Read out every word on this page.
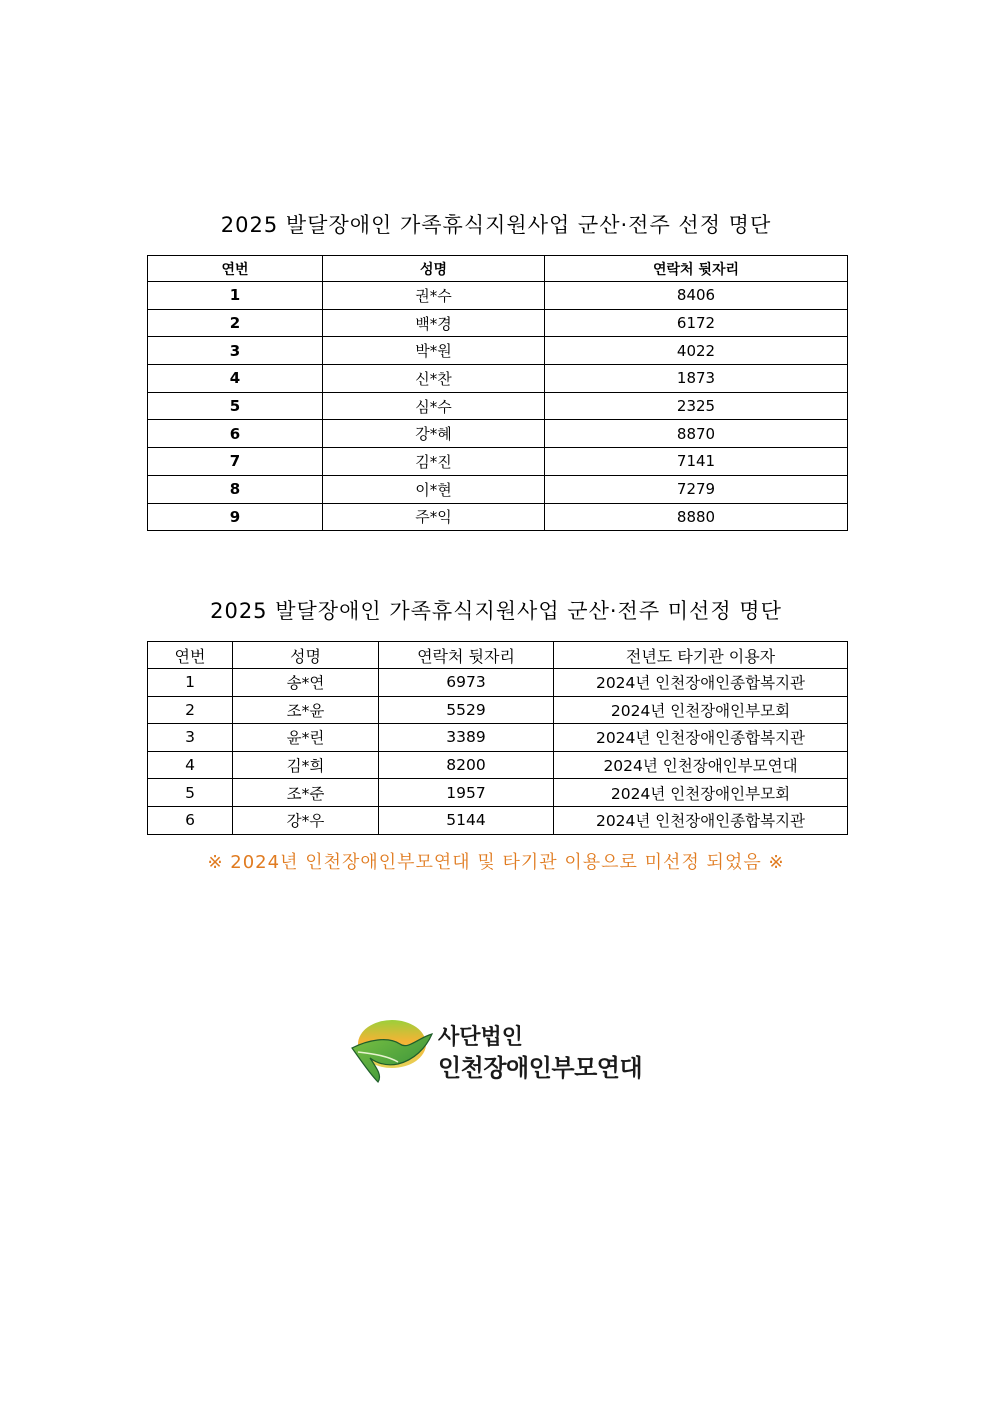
2025 발달장애인 가족휴식지원사업 군산·전주 선정 명단
연번	성명	연락처 뒷자리
1	권*수	8406
2	백*경	6172
3	박*원	4022
4	신*찬	1873
5	심*수	2325
6	강*혜	8870
7	김*진	7141
8	이*현	7279
9	주*익	8880
2025 발달장애인 가족휴식지원사업 군산·전주 미선정 명단
연번	성명	연락처 뒷자리	전년도 타기관 이용자
1	송*연	6973	2024년 인천장애인종합복지관
2	조*윤	5529	2024년 인천장애인부모회
3	윤*린	3389	2024년 인천장애인종합복지관
4	김*희	8200	2024년 인천장애인부모연대
5	조*준	1957	2024년 인천장애인부모회
6	강*우	5144	2024년 인천장애인종합복지관
※ 2024년 인천장애인부모연대 및 타기관 이용으로 미선정 되었음 ※
사단법인
인천장애인부모연대
